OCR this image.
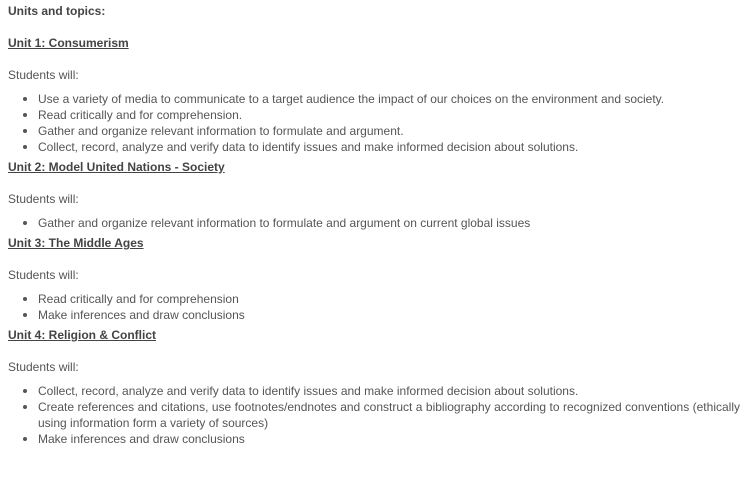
Units and topics:

Unit 1: Consumerism

Students will:

Use a variety of media to communicate to a target audience the impact of our choices on the environment and society.
Read critically and for comprehension.
Gather and organize relevant information to formulate and argument.
Collect, record, analyze and verify data to identify issues and make informed decision about solutions.

Unit 2: Model United Nations - Society

Students will:

Gather and organize relevant information to formulate and argument on current global issues

Unit 3: The Middle Ages

Students will:

Read critically and for comprehension
Make inferences and draw conclusions

Unit 4: Religion & Conflict

Students will:

Collect, record, analyze and verify data to identify issues and make informed decision about solutions.
Create references and citations, use footnotes/endnotes and construct a bibliography according to recognized conventions (ethically using information form a variety of sources)
Make inferences and draw conclusions
